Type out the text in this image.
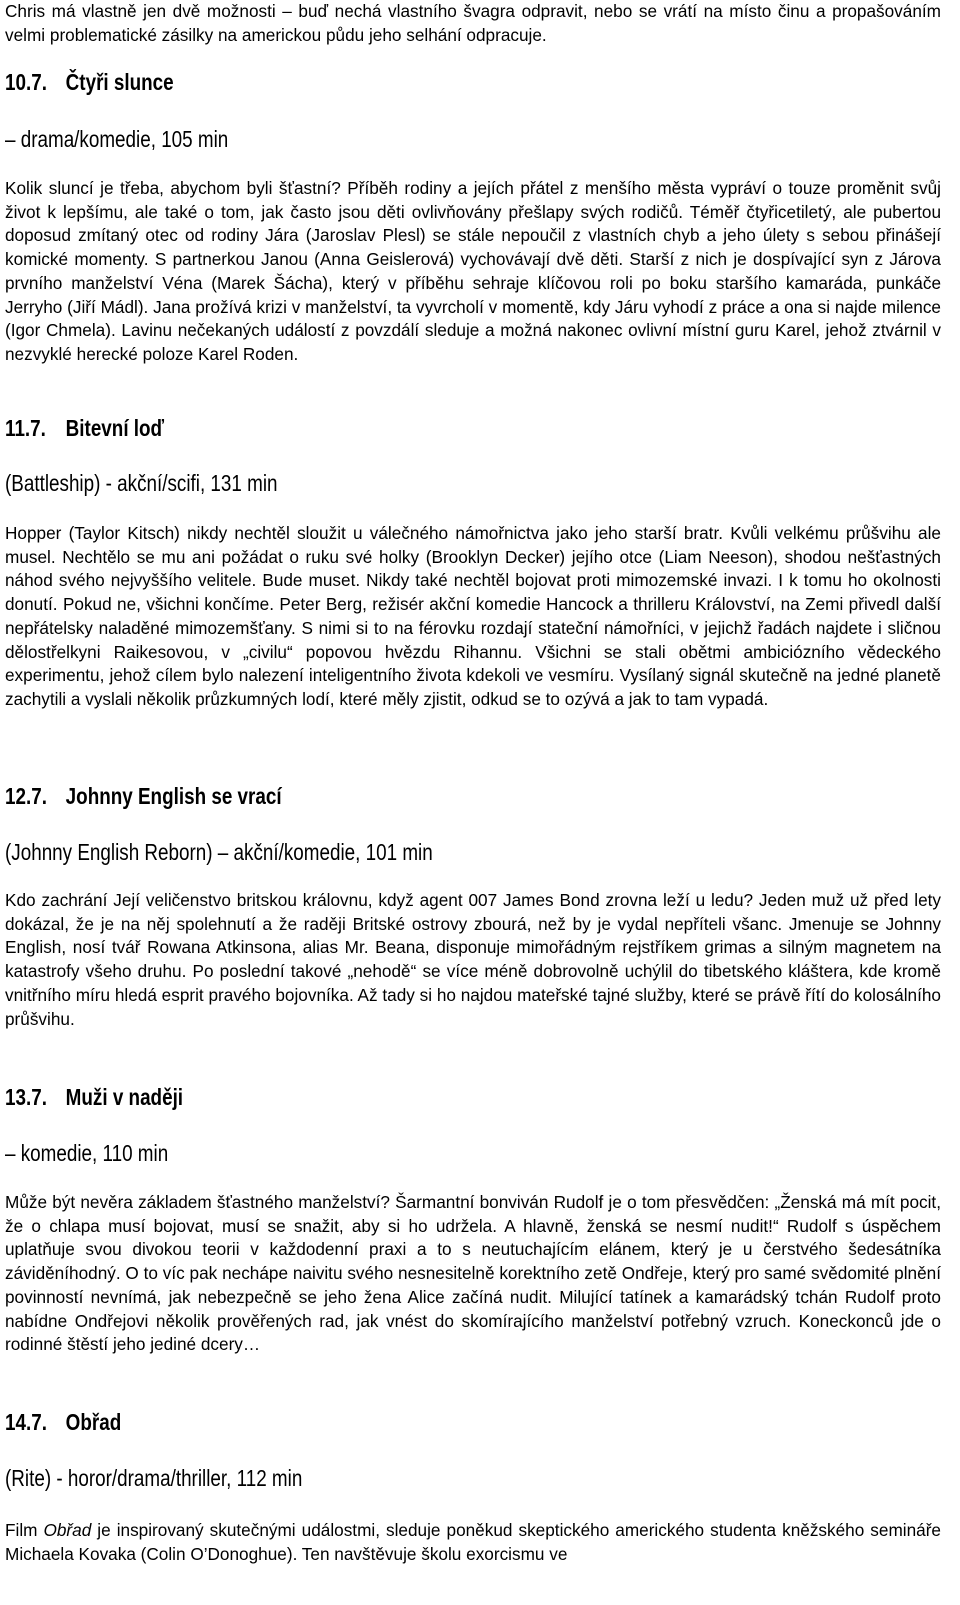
Chris má vlastně jen dvě možnosti – buď nechá vlastního švagra odpravit, nebo se vrátí na místo činu a propašováním velmi problematické zásilky na americkou půdu jeho selhání odpracuje.

10.7. Čtyři slunce
– drama/komedie, 105 min

Kolik sluncí je třeba, abychom byli šťastní? Příběh rodiny a jejích přátel z menšího města vypráví o touze proměnit svůj život k lepšímu, ale také o tom, jak často jsou děti ovlivňovány přešlapy svých rodičů. Téměř čtyřicetiletý, ale pubertou doposud zmítaný otec od rodiny Jára (Jaroslav Plesl) se stále nepoučil z vlastních chyb a jeho úlety s sebou přinášejí komické momenty. S partnerkou Janou (Anna Geislerová) vychovávají dvě děti. Starší z nich je dospívající syn z Járova prvního manželství Véna (Marek Šácha), který v příběhu sehraje klíčovou roli po boku staršího kamaráda, punkáče Jerryho (Jiří Mádl). Jana prožívá krizi v manželství, ta vyvrcholí v momentě, kdy Járu vyhodí z práce a ona si najde milence (Igor Chmela). Lavinu nečekaných událostí z povzdálí sleduje a možná nakonec ovlivní místní guru Karel, jehož ztvárnil v nezvyklé herecké poloze Karel Roden.

11.7. Bitevní loď
(Battleship) - akční/scifi, 131 min

Hopper (Taylor Kitsch) nikdy nechtěl sloužit u válečného námořnictva jako jeho starší bratr. Kvůli velkému průšvihu ale musel. Nechtělo se mu ani požádat o ruku své holky (Brooklyn Decker) jejího otce (Liam Neeson), shodou nešťastných náhod svého nejvyššího velitele. Bude muset. Nikdy také nechtěl bojovat proti mimozemské invazi. I k tomu ho okolnosti donutí. Pokud ne, všichni končíme. Peter Berg, režisér akční komedie Hancock a thrilleru Království, na Zemi přivedl další nepřátelsky naladěné mimozemšťany. S nimi si to na férovku rozdají stateční námořníci, v jejichž řadách najdete i sličnou dělostřelkyni Raikesovou, v „civilu“ popovou hvězdu Rihannu. Všichni se stali obětmi ambiciózního vědeckého experimentu, jehož cílem bylo nalezení inteligentního života kdekoli ve vesmíru. Vysílaný signál skutečně na jedné planetě zachytili a vyslali několik průzkumných lodí, které měly zjistit, odkud se to ozývá a jak to tam vypadá.

12.7. Johnny English se vrací
(Johnny English Reborn) – akční/komedie, 101 min

Kdo zachrání Její veličenstvo britskou královnu, když agent 007 James Bond zrovna leží u ledu? Jeden muž už před lety dokázal, že je na něj spolehnutí a že raději Britské ostrovy zbourá, než by je vydal nepříteli všanc. Jmenuje se Johnny English, nosí tvář Rowana Atkinsona, alias Mr. Beana, disponuje mimořádným rejstříkem grimas a silným magnetem na katastrofy všeho druhu. Po poslední takové „nehodě“ se více méně dobrovolně uchýlil do tibetského kláštera, kde kromě vnitřního míru hledá esprit pravého bojovníka. Až tady si ho najdou mateřské tajné služby, které se právě řítí do kolosálního průšvihu.

13.7. Muži v naději
– komedie, 110 min

Může být nevěra základem šťastného manželství? Šarmantní bonviván Rudolf je o tom přesvědčen: „Ženská má mít pocit, že o chlapa musí bojovat, musí se snažit, aby si ho udržela. A hlavně, ženská se nesmí nudit!“ Rudolf s úspěchem uplatňuje svou divokou teorii v každodenní praxi a to s neutuchajícím elánem, který je u čerstvého šedesátníka záviděníhodný. O to víc pak nechápe naivitu svého nesnesitelně korektního zetě Ondřeje, který pro samé svědomité plnění povinností nevnímá, jak nebezpečně se jeho žena Alice začíná nudit. Milující tatínek a kamarádský tchán Rudolf proto nabídne Ondřejovi několik prověřených rad, jak vnést do skomírajícího manželství potřebný vzruch. Koneckonců jde o rodinné štěstí jeho jediné dcery…

14.7. Obřad
(Rite) - horor/drama/thriller, 112 min

Film Obřad je inspirovaný skutečnými událostmi, sleduje poněkud skeptického amerického studenta kněžského semináře Michaela Kovaka (Colin O’Donoghue). Ten navštěvuje školu exorcismu ve
